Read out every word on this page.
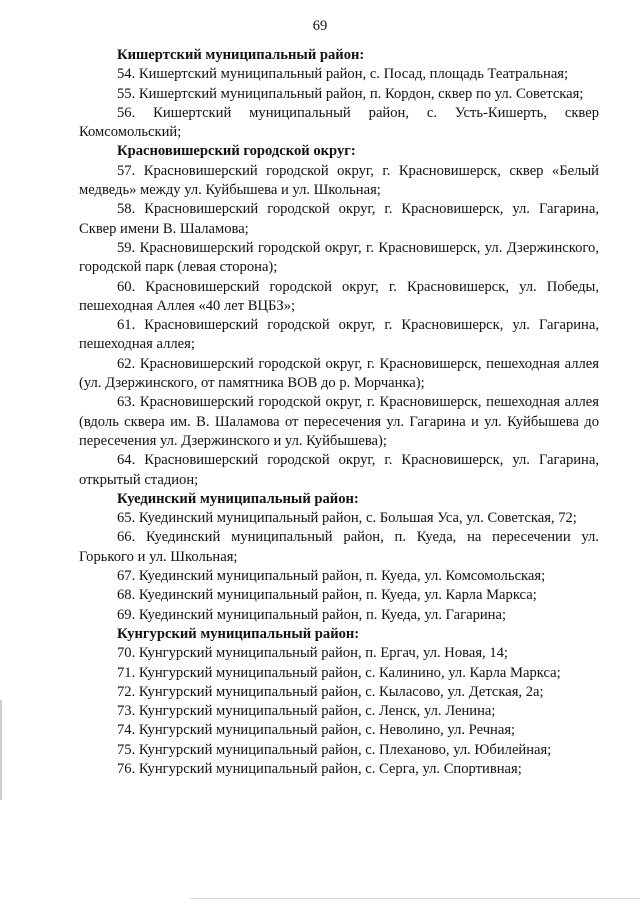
69
Кишертский муниципальный район:
54. Кишертский муниципальный район, с. Посад, площадь Театральная;
55. Кишертский муниципальный район, п. Кордон, сквер по ул. Советская;
56. Кишертский муниципальный район, с. Усть-Кишерть, сквер Комсомольский;
Красновишерский городской округ:
57. Красновишерский городской округ, г. Красновишерск, сквер «Белый медведь» между ул. Куйбышева и ул. Школьная;
58. Красновишерский городской округ, г. Красновишерск, ул. Гагарина, Сквер имени В. Шаламова;
59. Красновишерский городской округ, г. Красновишерск, ул. Дзержинского, городской парк (левая сторона);
60. Красновишерский городской округ, г. Красновишерск, ул. Победы, пешеходная Аллея «40 лет ВЦБЗ»;
61. Красновишерский городской округ, г. Красновишерск, ул. Гагарина, пешеходная аллея;
62. Красновишерский городской округ, г. Красновишерск, пешеходная аллея (ул. Дзержинского, от памятника ВОВ до р. Морчанка);
63. Красновишерский городской округ, г. Красновишерск, пешеходная аллея (вдоль сквера им. В. Шаламова от пересечения ул. Гагарина и ул. Куйбышева до пересечения ул. Дзержинского и ул. Куйбышева);
64. Красновишерский городской округ, г. Красновишерск, ул. Гагарина, открытый стадион;
Куединский муниципальный район:
65. Куединский муниципальный район, с. Большая Уса, ул. Советская, 72;
66. Куединский муниципальный район, п. Куеда, на пересечении ул. Горького и ул. Школьная;
67. Куединский муниципальный район, п. Куеда, ул. Комсомольская;
68. Куединский муниципальный район, п. Куеда, ул. Карла Маркса;
69. Куединский муниципальный район, п. Куеда, ул. Гагарина;
Кунгурский муниципальный район:
70. Кунгурский муниципальный район, п. Ергач, ул. Новая, 14;
71. Кунгурский муниципальный район, с. Калинино, ул. Карла Маркса;
72. Кунгурский муниципальный район, с. Кыласово, ул. Детская, 2а;
73. Кунгурский муниципальный район, с. Ленск, ул. Ленина;
74. Кунгурский муниципальный район, с. Неволино, ул. Речная;
75. Кунгурский муниципальный район, с. Плеханово, ул. Юбилейная;
76. Кунгурский муниципальный район, с. Серга, ул. Спортивная;
